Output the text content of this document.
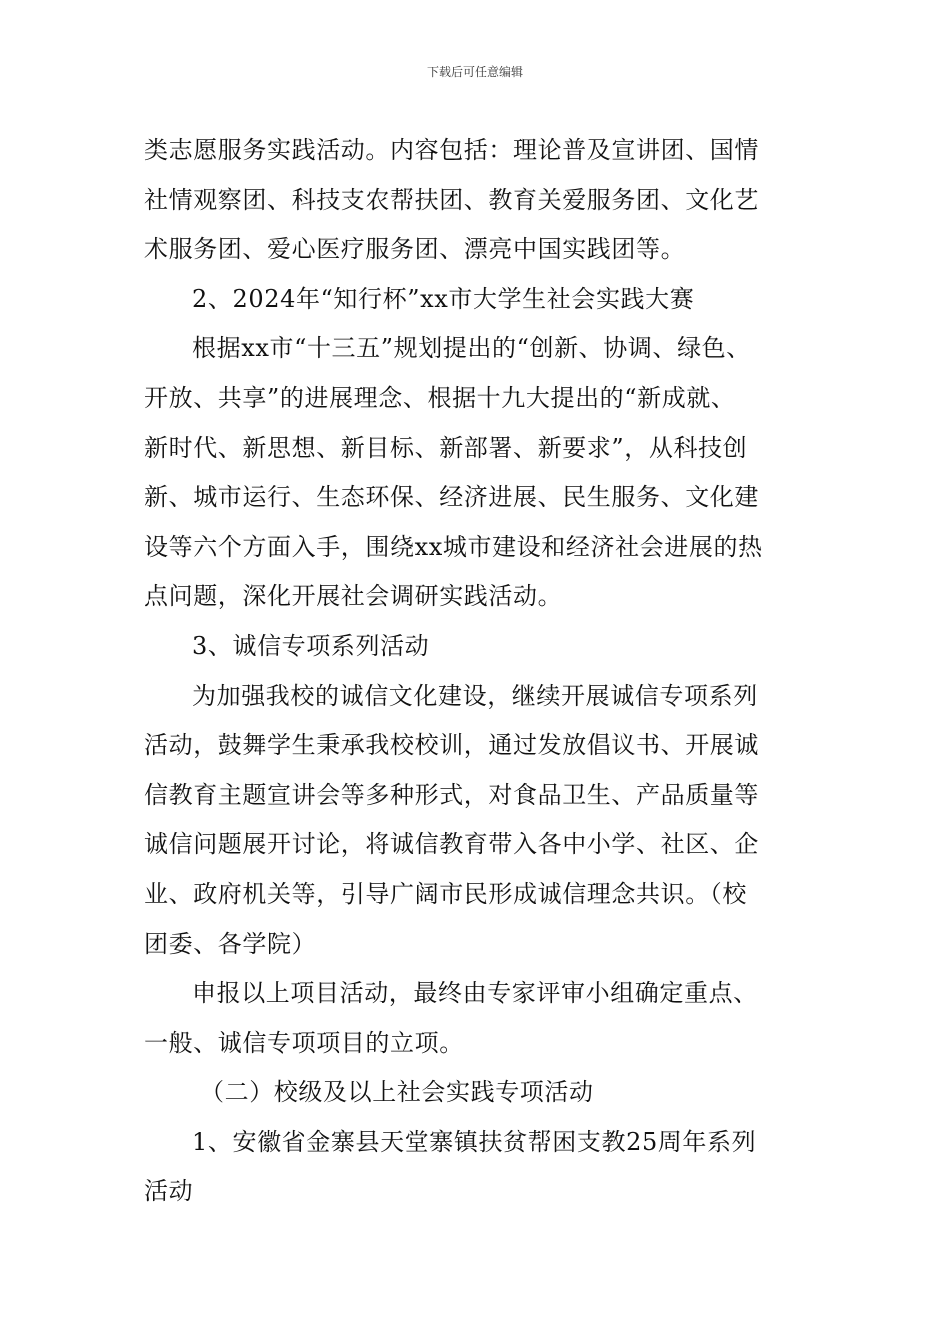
下载后可任意编辑
类志愿服务实践活动。内容包括：理论普及宣讲团、国情
社情观察团、科技支农帮扶团、教育关爱服务团、文化艺
术服务团、爱心医疗服务团、漂亮中国实践团等。
2、2024年“知行杯”xx市大学生社会实践大赛
根据xx市“十三五”规划提出的“创新、协调、绿色、
开放、共享”的进展理念、根据十九大提出的“新成就、
新时代、新思想、新目标、新部署、新要求”，从科技创
新、城市运行、生态环保、经济进展、民生服务、文化建
设等六个方面入手，围绕xx城市建设和经济社会进展的热
点问题，深化开展社会调研实践活动。
3、诚信专项系列活动
为加强我校的诚信文化建设，继续开展诚信专项系列
活动，鼓舞学生秉承我校校训，通过发放倡议书、开展诚
信教育主题宣讲会等多种形式，对食品卫生、产品质量等
诚信问题展开讨论，将诚信教育带入各中小学、社区、企
业、政府机关等，引导广阔市民形成诚信理念共识。（校
团委、各学院）
申报以上项目活动，最终由专家评审小组确定重点、
一般、诚信专项项目的立项。
（二）校级及以上社会实践专项活动
1、安徽省金寨县天堂寨镇扶贫帮困支教25周年系列
活动
